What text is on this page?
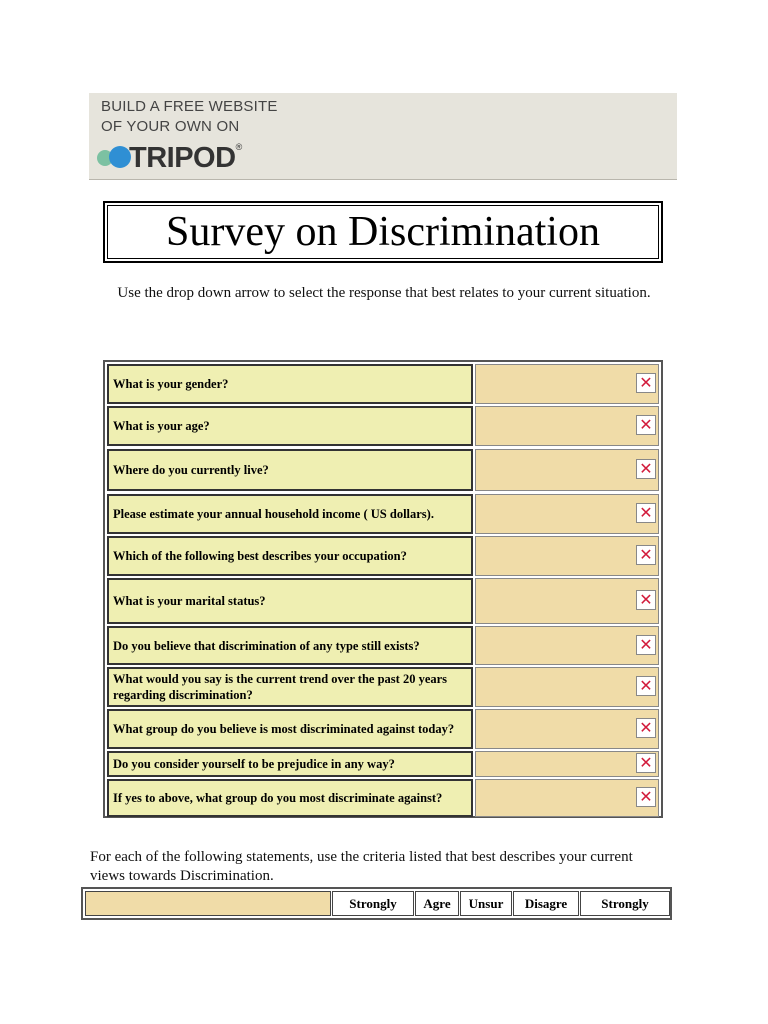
BUILD A FREE WEBSITE
OF YOUR OWN ON
TRIPOD®
Survey on Discrimination
Use the drop down arrow to select the response that best relates to your current situation.
What is your gender?	✕
What is your age?	✕
Where do you currently live?	✕
Please estimate your annual household income ( US dollars).	✕
Which of the following best describes your occupation?	✕
What is your marital status?	✕
Do you believe that discrimination of any type still exists?	✕
What would you say is the current trend over the past 20 years regarding discrimination?	✕
What group do you believe is most discriminated against today?	✕
Do you consider yourself to be prejudice in any way?	✕
If yes to above, what group do you most discriminate against?	✕
For each of the following statements, use the criteria listed that best describes your current views towards Discrimination.
Strongly	Agre	Unsur	Disagre	Strongly
